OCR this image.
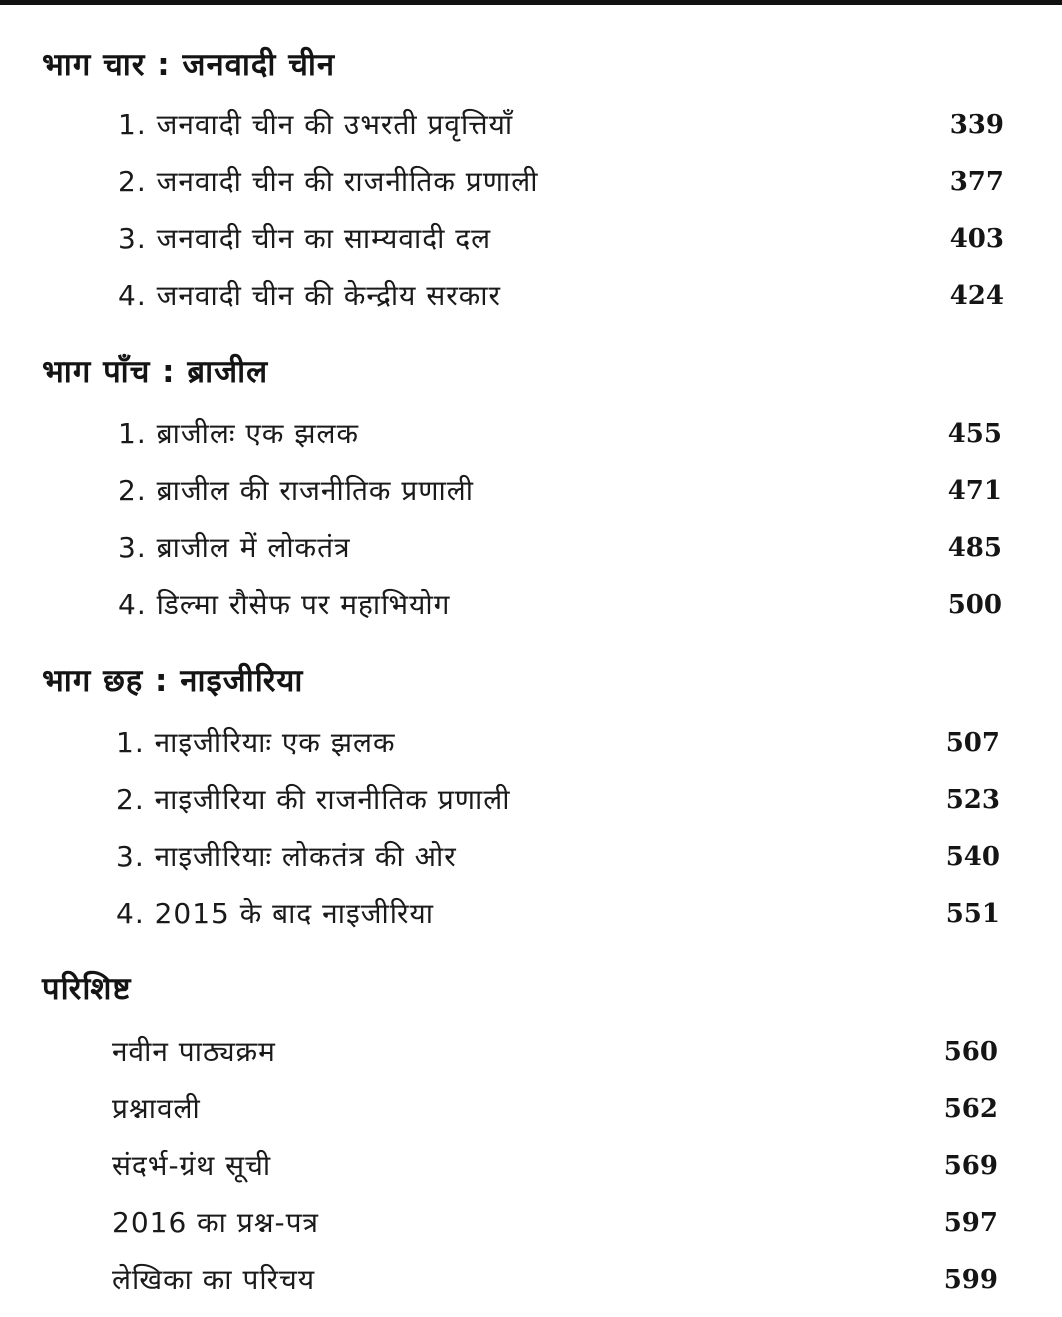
भाग चार : जनवादी चीन
1. जनवादी चीन की उभरती प्रवृत्तियाँ	339
2. जनवादी चीन की राजनीतिक प्रणाली	377
3. जनवादी चीन का साम्यवादी दल	403
4. जनवादी चीन की केन्द्रीय सरकार	424
भाग पाँच : ब्राजील
1. ब्राजीलः एक झलक	455
2. ब्राजील की राजनीतिक प्रणाली	471
3. ब्राजील में लोकतंत्र	485
4. डिल्मा रौसेफ पर महाभियोग	500
भाग छह : नाइजीरिया
1. नाइजीरियाः एक झलक	507
2. नाइजीरिया की राजनीतिक प्रणाली	523
3. नाइजीरियाः लोकतंत्र की ओर	540
4. 2015 के बाद नाइजीरिया	551
परिशिष्ट
नवीन पाठ्यक्रम	560
प्रश्नावली	562
संदर्भ-ग्रंथ सूची	569
2016 का प्रश्न-पत्र	597
लेखिका का परिचय	599
